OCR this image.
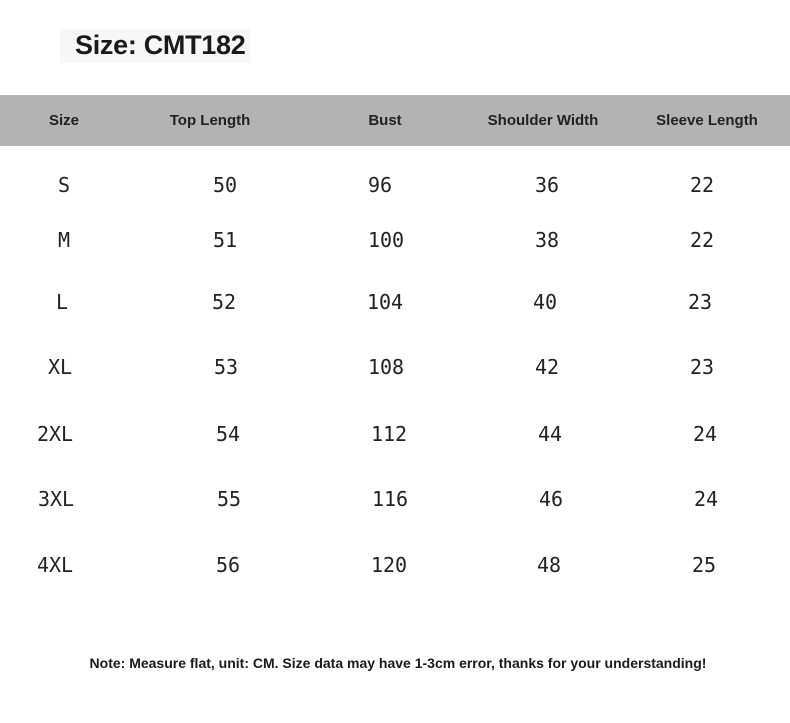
Size: CMT182
Size	Top Length	Bust	Shoulder Width	Sleeve Length
S	50	96	36	22
M	51	100	38	22
L	52	104	40	23
XL	53	108	42	23
2XL	54	112	44	24
3XL	55	116	46	24
4XL	56	120	48	25
Note: Measure flat, unit: CM. Size data may have 1-3cm error, thanks for your understanding!
